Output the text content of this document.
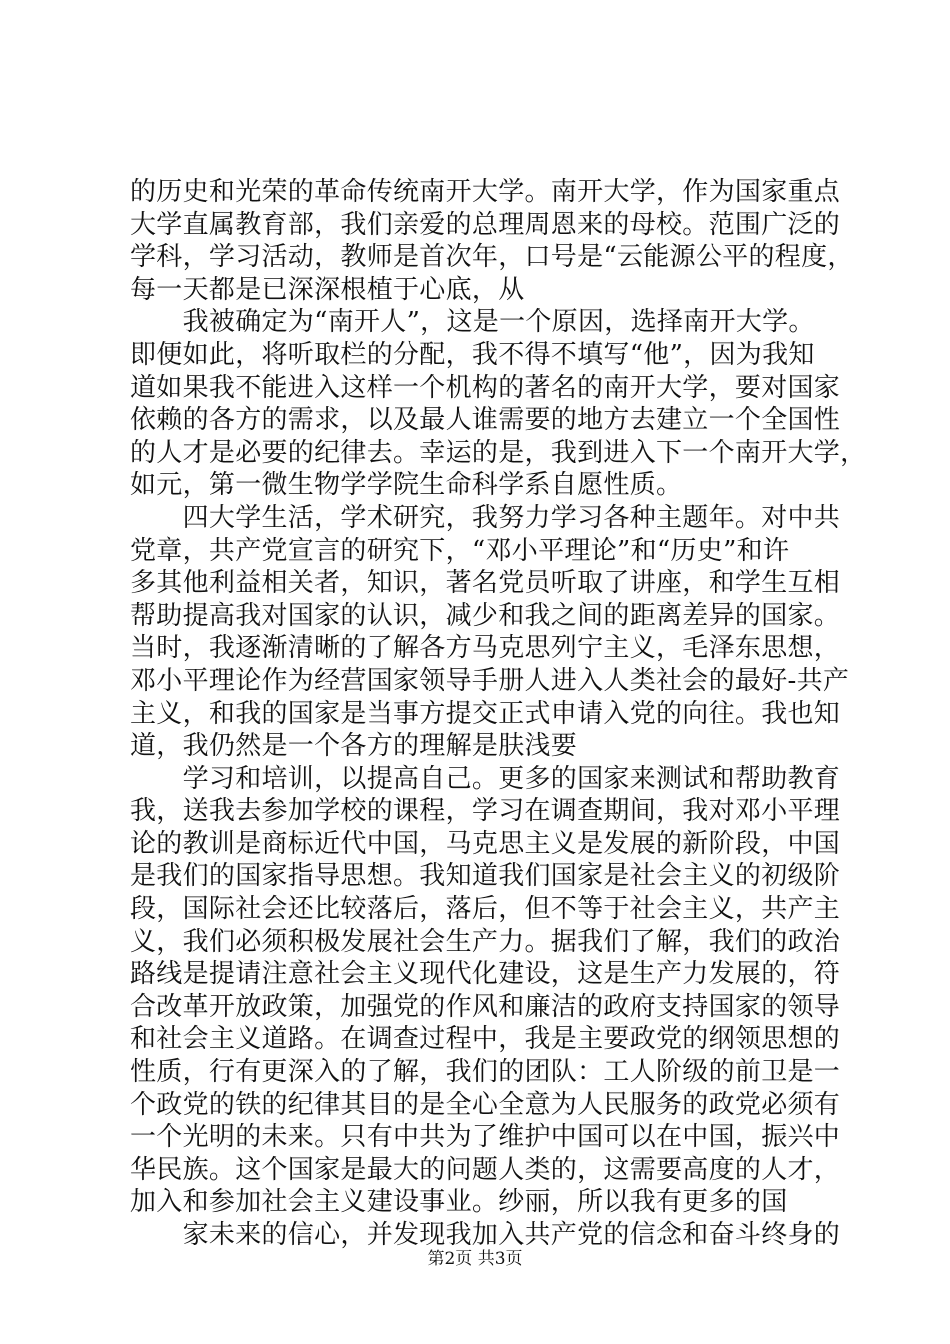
的历史和光荣的革命传统南开大学。南开大学，作为国家重点
大学直属教育部，我们亲爱的总理周恩来的母校。范围广泛的
学科，学习活动，教师是首次年，口号是“云能源公平的程度，
每一天都是已深深根植于心底，从
　　我被确定为“南开人”，这是一个原因，选择南开大学。
即便如此，将听取栏的分配，我不得不填写“他”，因为我知
道如果我不能进入这样一个机构的著名的南开大学，要对国家
依赖的各方的需求，以及最人谁需要的地方去建立一个全国性
的人才是必要的纪律去。幸运的是，我到进入下一个南开大学，
如元，第一微生物学学院生命科学系自愿性质。
　　四大学生活，学术研究，我努力学习各种主题年。对中共
党章，共产党宣言的研究下，“邓小平理论”和“历史”和许
多其他利益相关者，知识，著名党员听取了讲座，和学生互相
帮助提高我对国家的认识，减少和我之间的距离差异的国家。
当时，我逐渐清晰的了解各方马克思列宁主义，毛泽东思想，
邓小平理论作为经营国家领导手册人进入人类社会的最好-共产
主义，和我的国家是当事方提交正式申请入党的向往。我也知
道，我仍然是一个各方的理解是肤浅要
　　学习和培训，以提高自己。更多的国家来测试和帮助教育
我，送我去参加学校的课程，学习在调查期间，我对邓小平理
论的教训是商标近代中国，马克思主义是发展的新阶段，中国
是我们的国家指导思想。我知道我们国家是社会主义的初级阶
段，国际社会还比较落后，落后，但不等于社会主义，共产主
义，我们必须积极发展社会生产力。据我们了解，我们的政治
路线是提请注意社会主义现代化建设，这是生产力发展的，符
合改革开放政策，加强党的作风和廉洁的政府支持国家的领导
和社会主义道路。在调查过程中，我是主要政党的纲领思想的
性质，行有更深入的了解，我们的团队：工人阶级的前卫是一
个政党的铁的纪律其目的是全心全意为人民服务的政党必须有
一个光明的未来。只有中共为了维护中国可以在中国，振兴中
华民族。这个国家是最大的问题人类的，这需要高度的人才，
加入和参加社会主义建设事业。纱丽，所以我有更多的国
　　家未来的信心，并发现我加入共产党的信念和奋斗终身的
第2页 共3页
